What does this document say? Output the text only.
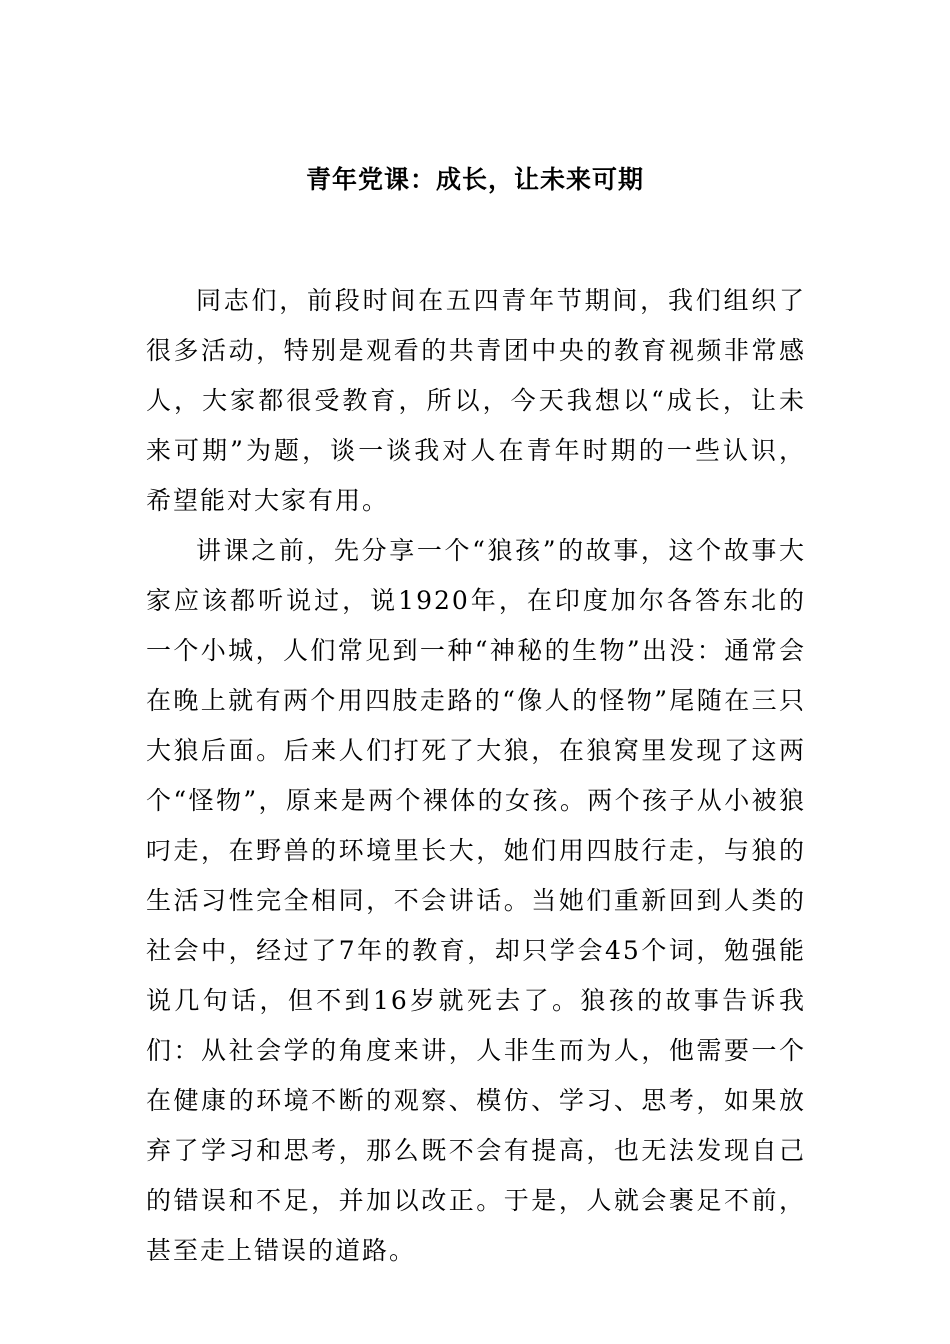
青年党课：成长，让未来可期

同志们，前段时间在五四青年节期间，我们组织了很多活动，特别是观看的共青团中央的教育视频非常感人，大家都很受教育，所以，今天我想以“成长，让未来可期”为题，谈一谈我对人在青年时期的一些认识，希望能对大家有用。

讲课之前，先分享一个“狼孩”的故事，这个故事大家应该都听说过，说1920年，在印度加尔各答东北的一个小城，人们常见到一种“神秘的生物”出没：通常会在晚上就有两个用四肢走路的“像人的怪物”尾随在三只大狼后面。后来人们打死了大狼，在狼窝里发现了这两个“怪物”，原来是两个裸体的女孩。两个孩子从小被狼叼走，在野兽的环境里长大，她们用四肢行走，与狼的生活习性完全相同，不会讲话。当她们重新回到人类的社会中，经过了7年的教育，却只学会45个词，勉强能说几句话，但不到16岁就死去了。狼孩的故事告诉我们：从社会学的角度来讲，人非生而为人，他需要一个在健康的环境不断的观察、模仿、学习、思考，如果放弃了学习和思考，那么既不会有提高，也无法发现自己的错误和不足，并加以改正。于是，人就会裹足不前，甚至走上错误的道路。
